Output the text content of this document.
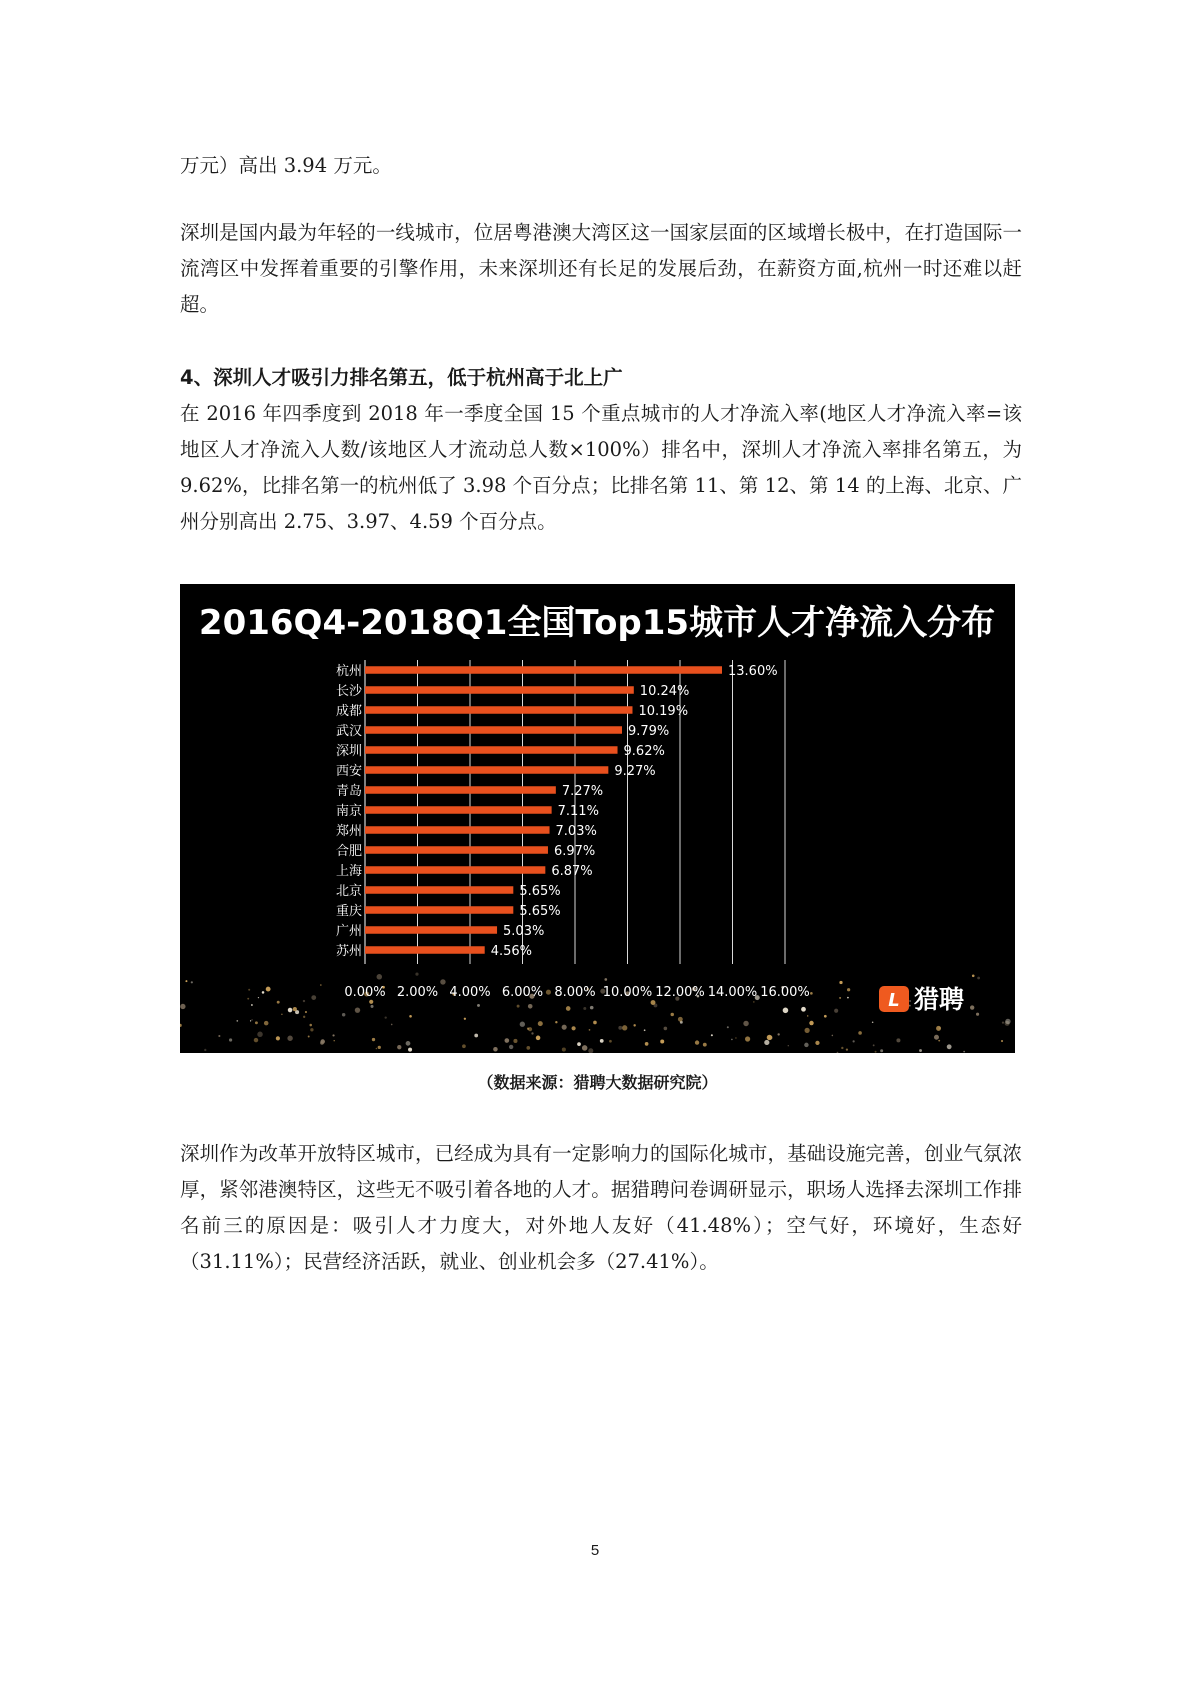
万元）高出 3.94 万元。

深圳是国内最为年轻的一线城市，位居粤港澳大湾区这一国家层面的区域增长极中，在打造国际一流湾区中发挥着重要的引擎作用，未来深圳还有长足的发展后劲，在薪资方面,杭州一时还难以赶超。

4、深圳人才吸引力排名第五，低于杭州高于北上广

在 2016 年四季度到 2018 年一季度全国 15 个重点城市的人才净流入率(地区人才净流入率=该地区人才净流入人数/该地区人才流动总人数×100%）排名中，深圳人才净流入率排名第五，为 9.62%，比排名第一的杭州低了 3.98 个百分点；比排名第 11、第 12、第 14 的上海、北京、广州分别高出 2.75、3.97、4.59 个百分点。

2016Q4-2018Q1全国Top15城市人才净流入分布
杭州
长沙
成都
武汉
深圳
西安
青岛
南京
郑州
合肥
上海
北京
重庆
广州
苏州
13.60%
10.24%
10.19%
9.79%
9.62%
9.27%
7.27%
7.11%
7.03%
6.97%
6.87%
5.65%
5.65%
5.03%
4.56%
0.00% 2.00% 4.00% 6.00% 8.00% 10.00% 12.00% 14.00% 16.00%	L 猎聘

（数据来源：猎聘大数据研究院）

深圳作为改革开放特区城市，已经成为具有一定影响力的国际化城市，基础设施完善，创业气氛浓厚，紧邻港澳特区，这些无不吸引着各地的人才。据猎聘问卷调研显示，职场人选择去深圳工作排名前三的原因是：吸引人才力度大，对外地人友好（41.48%）；空气好，环境好，生态好（31.11%）；民营经济活跃，就业、创业机会多（27.41%）。

5
